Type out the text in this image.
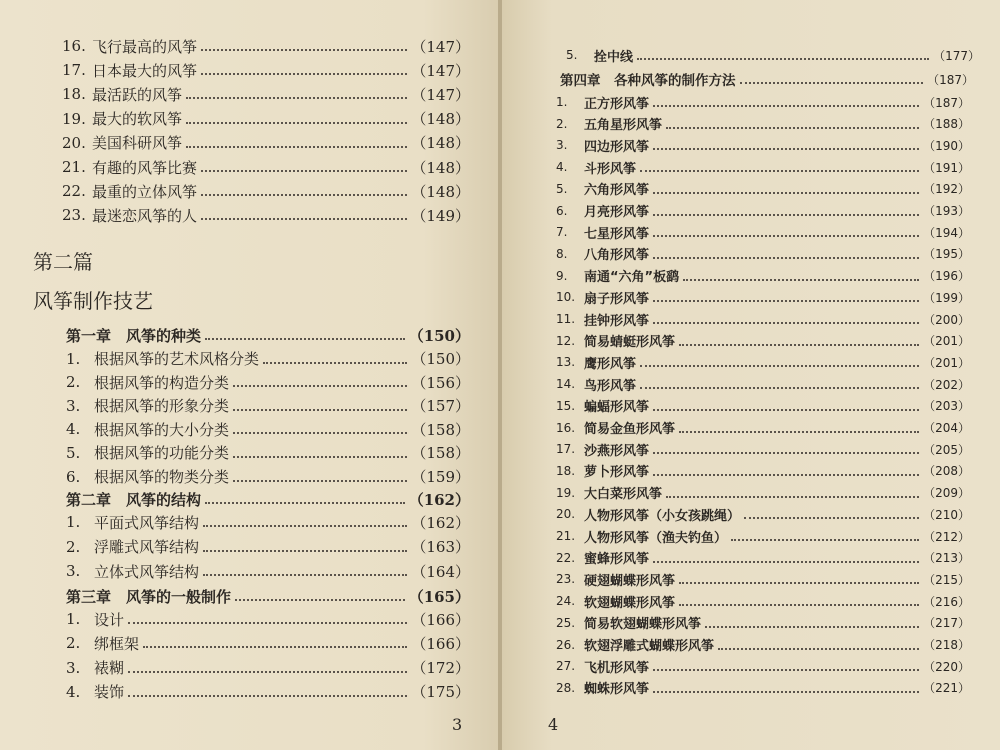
16. 飞行最高的风筝	（147）
17. 日本最大的风筝	（147）
18. 最活跃的风筝	（147）
19. 最大的软风筝	（148）
20. 美国科研风筝	（148）
21. 有趣的风筝比赛	（148）
22. 最重的立体风筝	（148）
23. 最迷恋风筝的人	（149）
第二篇
风筝制作技艺
第一章　风筝的种类	（150）
1. 根据风筝的艺术风格分类	（150）
2. 根据风筝的构造分类	（156）
3. 根据风筝的形象分类	（157）
4. 根据风筝的大小分类	（158）
5. 根据风筝的功能分类	（158）
6. 根据风筝的物类分类	（159）
第二章　风筝的结构	（162）
1. 平面式风筝结构	（162）
2. 浮雕式风筝结构	（163）
3. 立体式风筝结构	（164）
第三章　风筝的一般制作	（165）
1. 设计	（166）
2. 绑框架	（166）
3. 裱糊	（172）
4. 装饰	（175）
3
5.	拴中线	（177）
第四章　各种风筝的制作方法	（187）
1.	正方形风筝	（187）
2.	五角星形风筝	（188）
3.	四边形风筝	（190）
4.	斗形风筝	（191）
5.	六角形风筝	（192）
6.	月亮形风筝	（193）
7.	七星形风筝	（194）
8.	八角形风筝	（195）
9.	南通“六角”板鹞	（196）
10. 扇子形风筝	（199）
11. 挂钟形风筝	（200）
12. 简易蜻蜓形风筝	（201）
13. 鹰形风筝	（201）
14. 鸟形风筝	（202）
15. 蝙蝠形风筝	（203）
16. 简易金鱼形风筝	（204）
17. 沙燕形风筝	（205）
18. 萝卜形风筝	（208）
19. 大白菜形风筝	（209）
20. 人物形风筝（小女孩跳绳）	（210）
21. 人物形风筝（渔夫钓鱼）	（212）
22. 蜜蜂形风筝	（213）
23. 硬翅蝴蝶形风筝	（215）
24. 软翅蝴蝶形风筝	（216）
25. 简易软翅蝴蝶形风筝	（217）
26. 软翅浮雕式蝴蝶形风筝	（218）
27. 飞机形风筝	（220）
28. 蜘蛛形风筝	（221）
4
